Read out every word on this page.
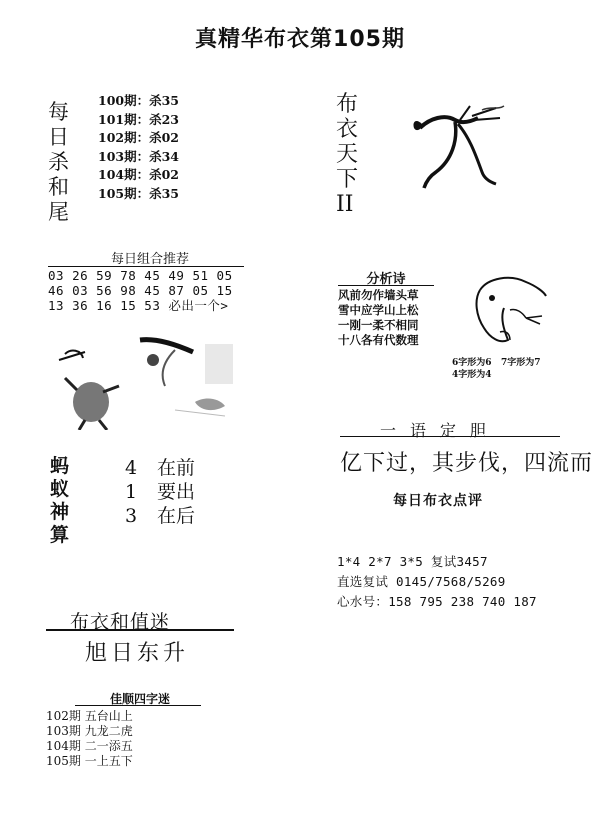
真精华布衣第105期
每
日
杀
和
尾
100期：杀35
101期：杀23
102期：杀02
103期：杀34
104期：杀02
105期：杀35
布
衣
天
下
II
每日组合推荐
03 26 59 78 45 49 51 05
46 03 56 98 45 87 05 15
13 36 16 15 53 必出一个>
分析诗
风前勿作墙头草
雪中应学山上松
一刚一柔不相同
十八各有代数理
6字形为6 7字形为7
4字形为4
一语定胆
亿下过，其步伐，四流而
每日布衣点评
蚂
蚁
神
算
4 在前
1 要出
3 在后
1*4 2*7 3*5 复试3457
直选复试 0145/7568/5269
心水号：158 795 238 740 187
布衣和值迷
旭日东升
佳顺四字迷
102期 五台山上
103期 九龙二虎
104期 二一添五
105期 一上五下
